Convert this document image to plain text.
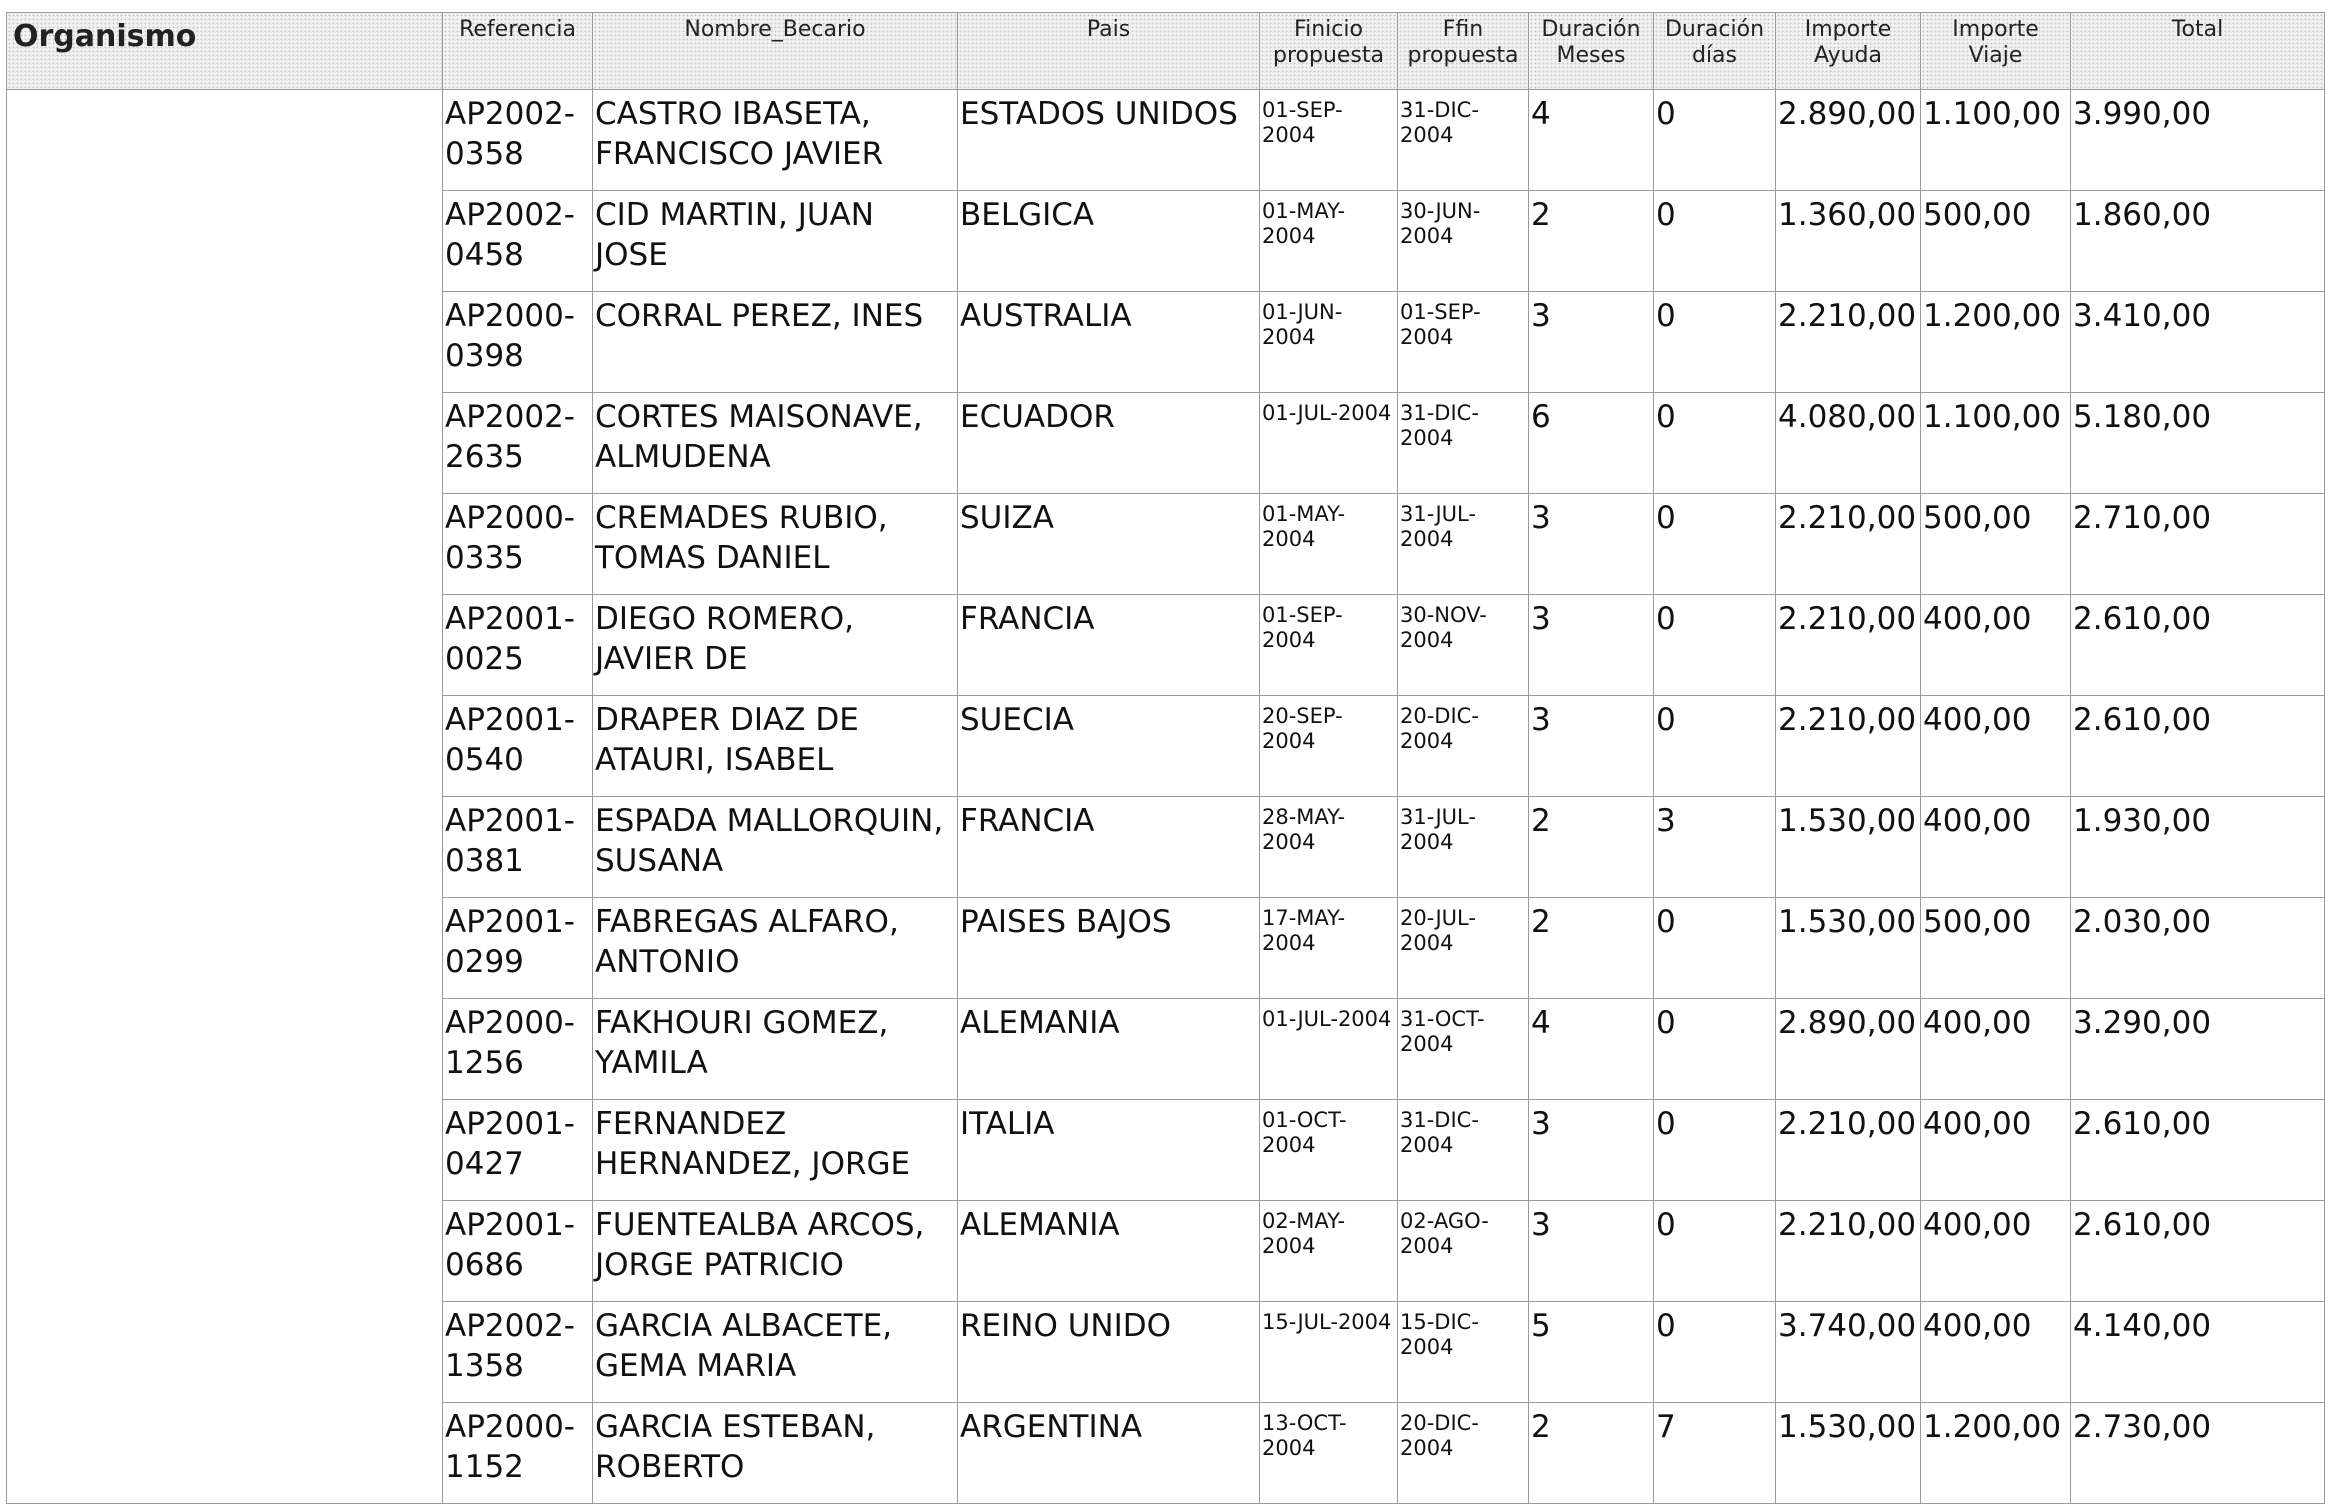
Organismo	Referencia	Nombre_Becario	Pais	Finicio propuesta	Ffin propuesta	Duración Meses	Duración días	Importe Ayuda	Importe Viaje	Total
	AP2002-0358	CASTRO IBASETA, FRANCISCO JAVIER	ESTADOS UNIDOS	01-SEP-2004	31-DIC-2004	4	0	2.890,00	1.100,00	3.990,00
	AP2002-0458	CID MARTIN, JUAN JOSE	BELGICA	01-MAY-2004	30-JUN-2004	2	0	1.360,00	500,00	1.860,00
	AP2000-0398	CORRAL PEREZ, INES	AUSTRALIA	01-JUN-2004	01-SEP-2004	3	0	2.210,00	1.200,00	3.410,00
	AP2002-2635	CORTES MAISONAVE, ALMUDENA	ECUADOR	01-JUL-2004	31-DIC-2004	6	0	4.080,00	1.100,00	5.180,00
	AP2000-0335	CREMADES RUBIO, TOMAS DANIEL	SUIZA	01-MAY-2004	31-JUL-2004	3	0	2.210,00	500,00	2.710,00
	AP2001-0025	DIEGO ROMERO, JAVIER DE	FRANCIA	01-SEP-2004	30-NOV-2004	3	0	2.210,00	400,00	2.610,00
	AP2001-0540	DRAPER DIAZ DE ATAURI, ISABEL	SUECIA	20-SEP-2004	20-DIC-2004	3	0	2.210,00	400,00	2.610,00
	AP2001-0381	ESPADA MALLORQUIN, SUSANA	FRANCIA	28-MAY-2004	31-JUL-2004	2	3	1.530,00	400,00	1.930,00
	AP2001-0299	FABREGAS ALFARO, ANTONIO	PAISES BAJOS	17-MAY-2004	20-JUL-2004	2	0	1.530,00	500,00	2.030,00
	AP2000-1256	FAKHOURI GOMEZ, YAMILA	ALEMANIA	01-JUL-2004	31-OCT-2004	4	0	2.890,00	400,00	3.290,00
	AP2001-0427	FERNANDEZ HERNANDEZ, JORGE	ITALIA	01-OCT-2004	31-DIC-2004	3	0	2.210,00	400,00	2.610,00
	AP2001-0686	FUENTEALBA ARCOS, JORGE PATRICIO	ALEMANIA	02-MAY-2004	02-AGO-2004	3	0	2.210,00	400,00	2.610,00
	AP2002-1358	GARCIA ALBACETE, GEMA MARIA	REINO UNIDO	15-JUL-2004	15-DIC-2004	5	0	3.740,00	400,00	4.140,00
	AP2000-1152	GARCIA ESTEBAN, ROBERTO	ARGENTINA	13-OCT-2004	20-DIC-2004	2	7	1.530,00	1.200,00	2.730,00
